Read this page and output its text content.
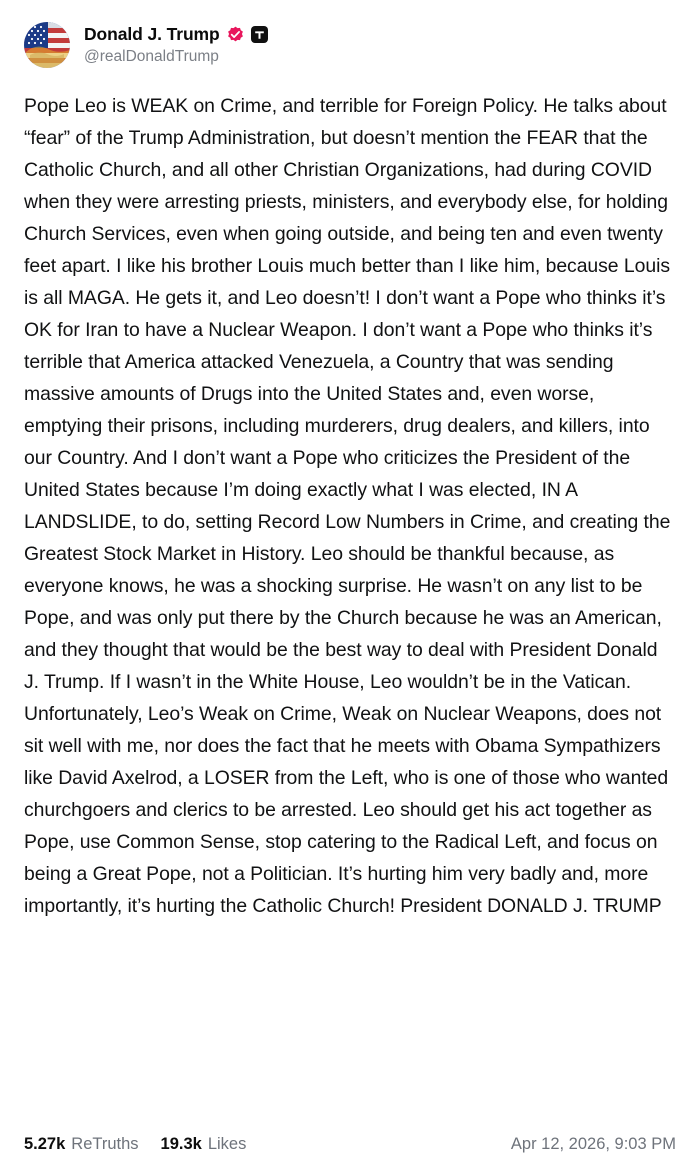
Donald J. Trump
@realDonaldTrump

Pope Leo is WEAK on Crime, and terrible for Foreign Policy. He talks about “fear” of the Trump Administration, but doesn’t mention the FEAR that the Catholic Church, and all other Christian Organizations, had during COVID when they were arresting priests, ministers, and everybody else, for holding Church Services, even when going outside, and being ten and even twenty feet apart. I like his brother Louis much better than I like him, because Louis is all MAGA. He gets it, and Leo doesn’t! I don’t want a Pope who thinks it’s OK for Iran to have a Nuclear Weapon. I don’t want a Pope who thinks it’s terrible that America attacked Venezuela, a Country that was sending massive amounts of Drugs into the United States and, even worse, emptying their prisons, including murderers, drug dealers, and killers, into our Country. And I don’t want a Pope who criticizes the President of the United States because I’m doing exactly what I was elected, IN A LANDSLIDE, to do, setting Record Low Numbers in Crime, and creating the Greatest Stock Market in History. Leo should be thankful because, as everyone knows, he was a shocking surprise. He wasn’t on any list to be Pope, and was only put there by the Church because he was an American, and they thought that would be the best way to deal with President Donald J. Trump. If I wasn’t in the White House, Leo wouldn’t be in the Vatican. Unfortunately, Leo’s Weak on Crime, Weak on Nuclear Weapons, does not sit well with me, nor does the fact that he meets with Obama Sympathizers like David Axelrod, a LOSER from the Left, who is one of those who wanted churchgoers and clerics to be arrested. Leo should get his act together as Pope, use Common Sense, stop catering to the Radical Left, and focus on being a Great Pope, not a Politician. It’s hurting him very badly and, more importantly, it’s hurting the Catholic Church! President DONALD J. TRUMP

5.27k ReTruths 19.3k Likes	Apr 12, 2026, 9:03 PM
